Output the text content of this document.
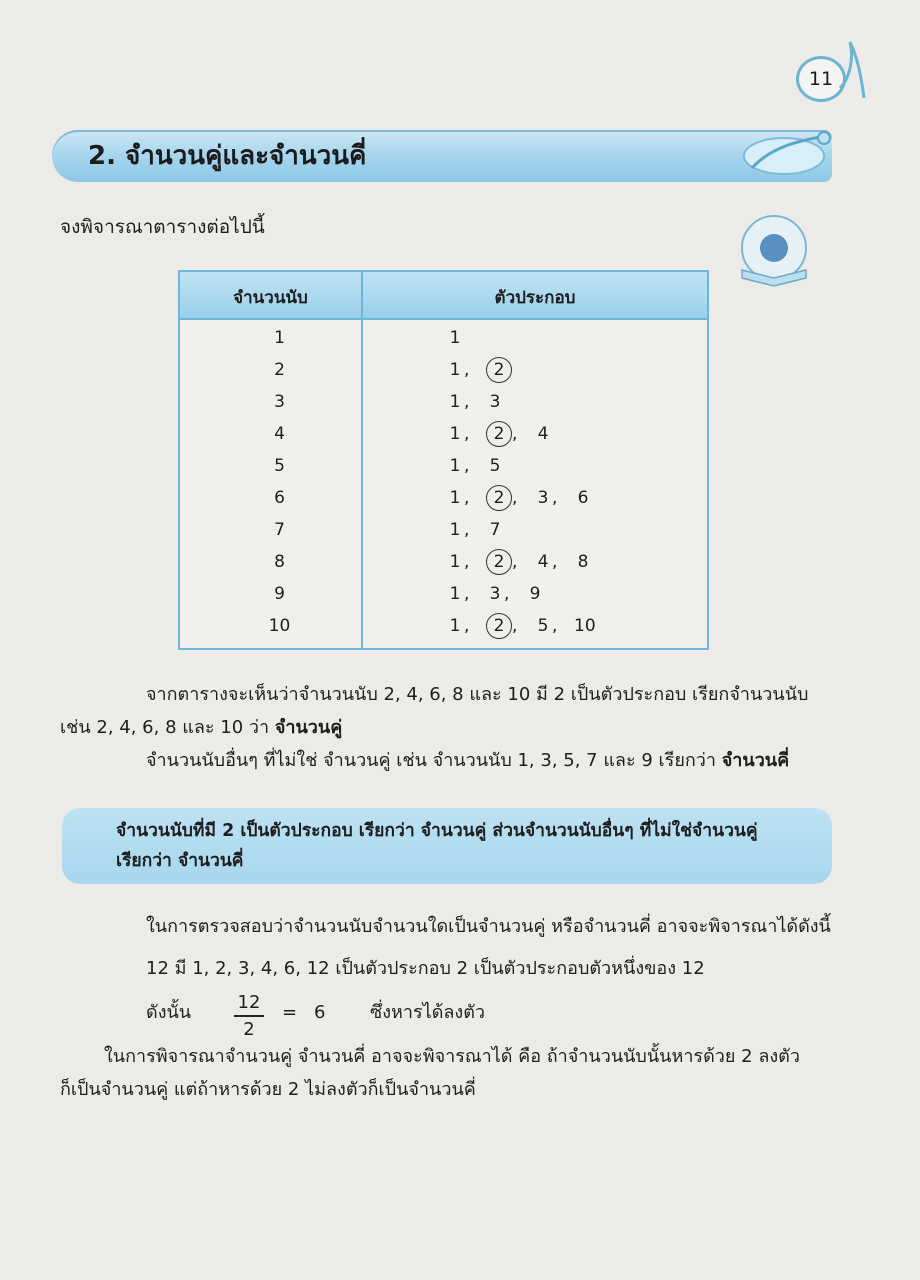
11
2. จำนวนคู่และจำนวนคี่
จงพิจารณาตารางต่อไปนี้
จำนวนนับ	ตัวประกอบ
1	1
2	1 , 2
3	1 , 3
4	1 , 2 , 4
5	1 , 5
6	1 , 2 , 3 , 6
7	1 , 7
8	1 , 2 , 4 , 8
9	1 , 3 , 9
10	1 , 2 , 5 , 10
จากตารางจะเห็นว่าจำนวนนับ 2, 4, 6, 8 และ 10 มี 2 เป็นตัวประกอบ เรียกจำนวนนับ
เช่น 2, 4, 6, 8 และ 10 ว่า จำนวนคู่
จำนวนนับอื่นๆ ที่ไม่ใช่ จำนวนคู่ เช่น จำนวนนับ 1, 3, 5, 7 และ 9 เรียกว่า จำนวนคี่
จำนวนนับที่มี 2 เป็นตัวประกอบ เรียกว่า จำนวนคู่ ส่วนจำนวนนับอื่นๆ ที่ไม่ใช่จำนวนคู่
เรียกว่า จำนวนคี่
ในการตรวจสอบว่าจำนวนนับจำนวนใดเป็นจำนวนคู่ หรือจำนวนคี่ อาจจะพิจารณาได้ดังนี้
12 มี 1, 2, 3, 4, 6, 12 เป็นตัวประกอบ 2 เป็นตัวประกอบตัวหนึ่งของ 12
ดังนั้น	12
2
= 6 ซึ่งหารได้ลงตัว
ในการพิจารณาจำนวนคู่ จำนวนคี่ อาจจะพิจารณาได้ คือ ถ้าจำนวนนับนั้นหารด้วย 2 ลงตัว
ก็เป็นจำนวนคู่ แต่ถ้าหารด้วย 2 ไม่ลงตัวก็เป็นจำนวนคี่
